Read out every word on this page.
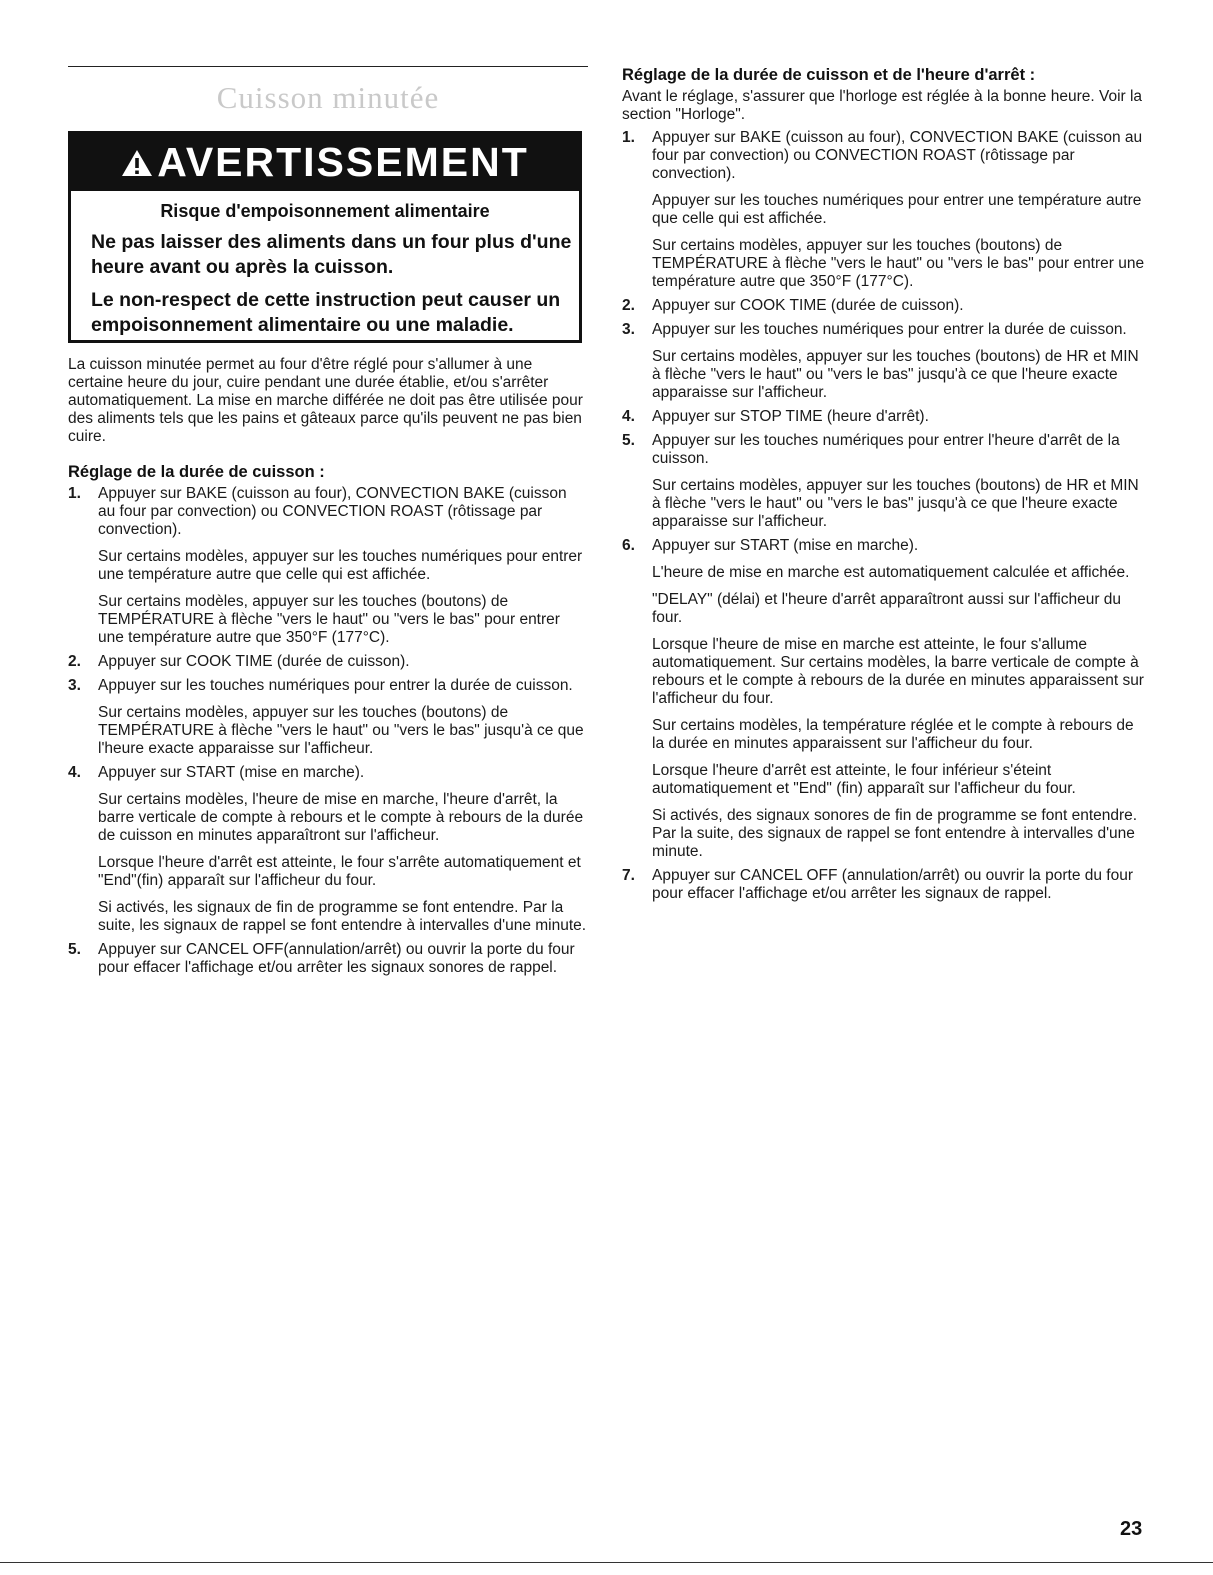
Cuisson minutée
AVERTISSEMENT
Risque d'empoisonnement alimentaire
Ne pas laisser des aliments dans un four plus d'une heure avant ou après la cuisson.
Le non-respect de cette instruction peut causer un empoisonnement alimentaire ou une maladie.

La cuisson minutée permet au four d'être réglé pour s'allumer à une certaine heure du jour, cuire pendant une durée établie, et/ou s'arrêter automatiquement. La mise en marche différée ne doit pas être utilisée pour des aliments tels que les pains et gâteaux parce qu'ils peuvent ne pas bien cuire.

Réglage de la durée de cuisson :

1. Appuyer sur BAKE (cuisson au four), CONVECTION BAKE (cuisson au four par convection) ou CONVECTION ROAST (rôtissage par convection).

Sur certains modèles, appuyer sur les touches numériques pour entrer une température autre que celle qui est affichée.

Sur certains modèles, appuyer sur les touches (boutons) de TEMPÉRATURE à flèche "vers le haut" ou "vers le bas" pour entrer une température autre que 350°F (177°C).

2. Appuyer sur COOK TIME (durée de cuisson).

3. Appuyer sur les touches numériques pour entrer la durée de cuisson.

Sur certains modèles, appuyer sur les touches (boutons) de TEMPÉRATURE à flèche "vers le haut" ou "vers le bas" jusqu'à ce que l'heure exacte apparaisse sur l'afficheur.

4. Appuyer sur START (mise en marche).

Sur certains modèles, l'heure de mise en marche, l'heure d'arrêt, la barre verticale de compte à rebours et le compte à rebours de la durée de cuisson en minutes apparaîtront sur l'afficheur.

Lorsque l'heure d'arrêt est atteinte, le four s'arrête automatiquement et "End"(fin) apparaît sur l'afficheur du four.

Si activés, les signaux de fin de programme se font entendre. Par la suite, les signaux de rappel se font entendre à intervalles d'une minute.

5. Appuyer sur CANCEL OFF(annulation/arrêt) ou ouvrir la porte du four pour effacer l'affichage et/ou arrêter les signaux sonores de rappel.

Réglage de la durée de cuisson et de l'heure d'arrêt :

Avant le réglage, s'assurer que l'horloge est réglée à la bonne heure. Voir la section "Horloge".

1. Appuyer sur BAKE (cuisson au four), CONVECTION BAKE (cuisson au four par convection) ou CONVECTION ROAST (rôtissage par convection).

Appuyer sur les touches numériques pour entrer une température autre que celle qui est affichée.

Sur certains modèles, appuyer sur les touches (boutons) de TEMPÉRATURE à flèche "vers le haut" ou "vers le bas" pour entrer une température autre que 350°F (177°C).

2. Appuyer sur COOK TIME (durée de cuisson).

3. Appuyer sur les touches numériques pour entrer la durée de cuisson.

Sur certains modèles, appuyer sur les touches (boutons) de HR et MIN à flèche "vers le haut" ou "vers le bas" jusqu'à ce que l'heure exacte apparaisse sur l'afficheur.

4. Appuyer sur STOP TIME (heure d'arrêt).

5. Appuyer sur les touches numériques pour entrer l'heure d'arrêt de la cuisson.

Sur certains modèles, appuyer sur les touches (boutons) de HR et MIN à flèche "vers le haut" ou "vers le bas" jusqu'à ce que l'heure exacte apparaisse sur l'afficheur.

6. Appuyer sur START (mise en marche).

L'heure de mise en marche est automatiquement calculée et affichée.

"DELAY" (délai) et l'heure d'arrêt apparaîtront aussi sur l'afficheur du four.

Lorsque l'heure de mise en marche est atteinte, le four s'allume automatiquement. Sur certains modèles, la barre verticale de compte à rebours et le compte à rebours de la durée en minutes apparaissent sur l'afficheur du four.

Sur certains modèles, la température réglée et le compte à rebours de la durée en minutes apparaissent sur l'afficheur du four.

Lorsque l'heure d'arrêt est atteinte, le four inférieur s'éteint automatiquement et "End" (fin) apparaît sur l'afficheur du four.

Si activés, des signaux sonores de fin de programme se font entendre. Par la suite, des signaux de rappel se font entendre à intervalles d'une minute.

7. Appuyer sur CANCEL OFF (annulation/arrêt) ou ouvrir la porte du four pour effacer l'affichage et/ou arrêter les signaux de rappel.

23
